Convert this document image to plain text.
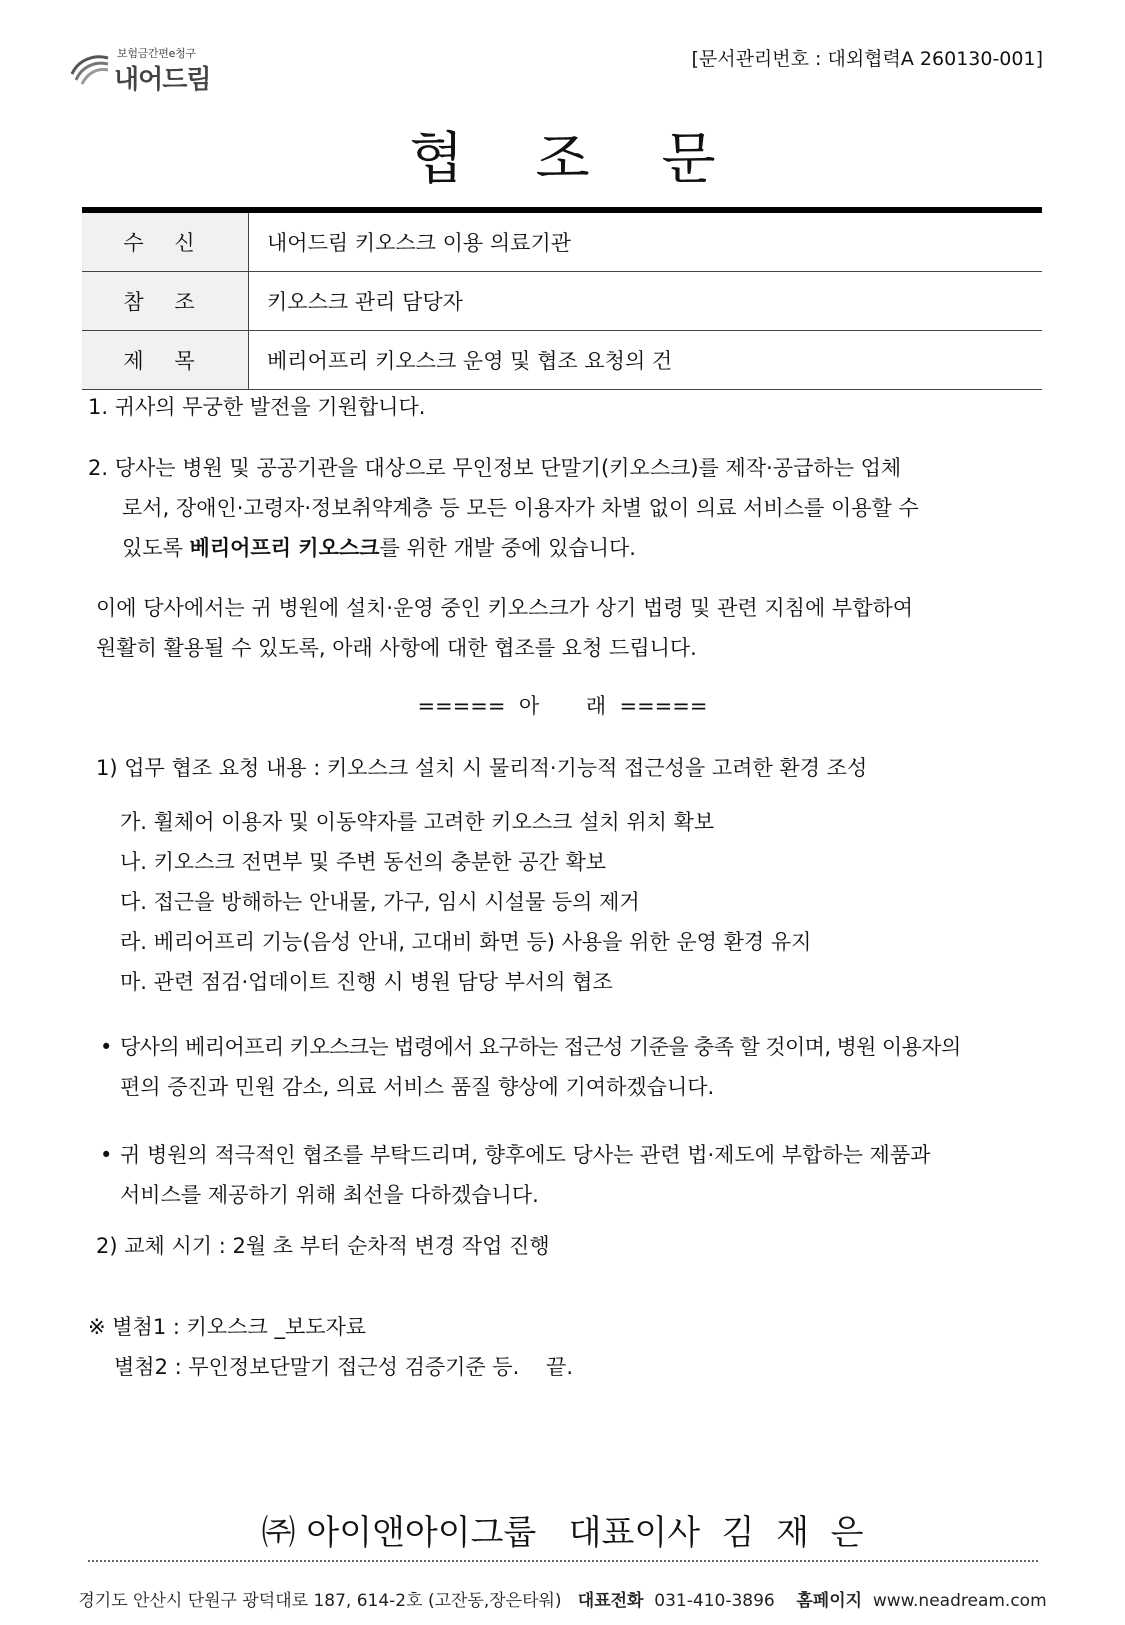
보험금간편e청구
내어드림
[문서관리번호 : 대외협력A 260130-001]
협 조 문
수 신	내어드림 키오스크 이용 의료기관
참 조	키오스크 관리 담당자
제 목	베리어프리 키오스크 운영 및 협조 요청의 건
1. 귀사의 무궁한 발전을 기원합니다.
2. 당사는 병원 및 공공기관을 대상으로 무인정보 단말기(키오스크)를 제작·공급하는 업체
로서, 장애인·고령자·정보취약계층 등 모든 이용자가 차별 없이 의료 서비스를 이용할 수
있도록 베리어프리 키오스크를 위한 개발 중에 있습니다.
이에 당사에서는 귀 병원에 설치·운영 중인 키오스크가 상기 법령 및 관련 지침에 부합하여
원활히 활용될 수 있도록, 아래 사항에 대한 협조를 요청 드립니다.
=====  아       래  =====
1) 업무 협조 요청 내용 : 키오스크 설치 시 물리적·기능적 접근성을 고려한 환경 조성
가. 휠체어 이용자 및 이동약자를 고려한 키오스크 설치 위치 확보
나. 키오스크 전면부 및 주변 동선의 충분한 공간 확보
다. 접근을 방해하는 안내물, 가구, 임시 시설물 등의 제거
라. 베리어프리 기능(음성 안내, 고대비 화면 등) 사용을 위한 운영 환경 유지
마. 관련 점검·업데이트 진행 시 병원 담당 부서의 협조
• 당사의 베리어프리 키오스크는 법령에서 요구하는 접근성 기준을 충족 할 것이며, 병원 이용자의
편의 증진과 민원 감소, 의료 서비스 품질 향상에 기여하겠습니다.
• 귀 병원의 적극적인 협조를 부탁드리며, 향후에도 당사는 관련 법·제도에 부합하는 제품과
서비스를 제공하기 위해 최선을 다하겠습니다.
2) 교체 시기 : 2월 초 부터 순차적 변경 작업 진행
※ 별첨1 : 키오스크 _보도자료
별첨2 : 무인정보단말기 접근성 검증기준 등.    끝.
㈜ 아이앤아이그룹   대표이사  김  재  은
경기도 안산시 단원구 광덕대로 187, 614-2호 (고잔동,장은타워) 대표전화 031-410-3896 홈페이지 www.neadream.com
